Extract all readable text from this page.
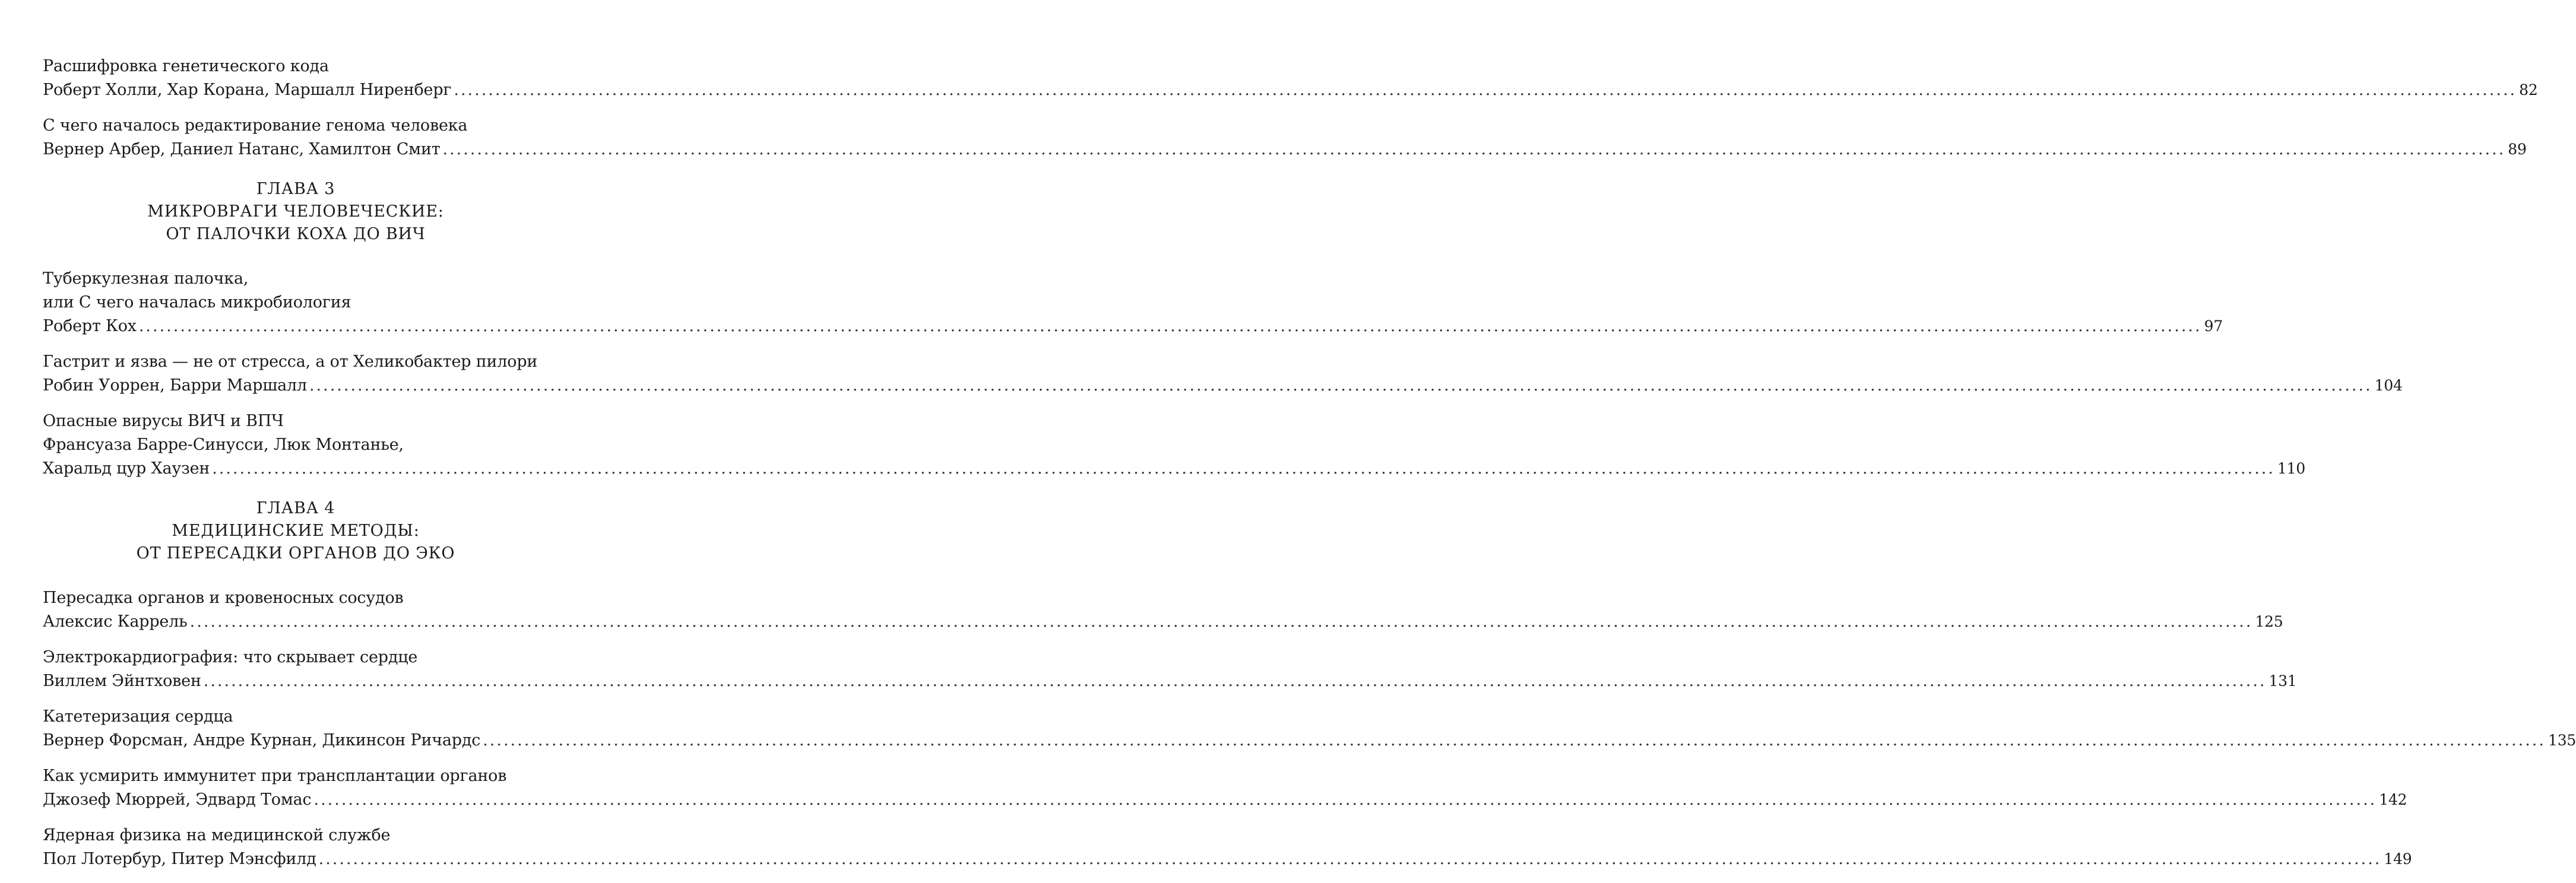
Расшифровка генетического кода
Роберт Холли, Хар Корана, Маршалл Ниренберг ............................................................................................................................................................................................................................................................................................................ 82
С чего началось редактирование генома человека
Вернер Арбер, Даниел Натанс, Хамилтон Смит ............................................................................................................................................................................................................................................................................................................ 89
ГЛАВА 3
МИКРОВРАГИ ЧЕЛОВЕЧЕСКИЕ:
ОТ ПАЛОЧКИ КОХА ДО ВИЧ
Туберкулезная палочка,
или С чего началась микробиология
Роберт Кох ............................................................................................................................................................................................................................................................................................................ 97
Гастрит и язва — не от стресса, а от Хеликобактер пилори
Робин Уоррен, Барри Маршалл ............................................................................................................................................................................................................................................................................................................ 104
Опасные вирусы ВИЧ и ВПЧ
Франсуаза Барре-Синусси, Люк Монтанье,
Харальд цур Хаузен ............................................................................................................................................................................................................................................................................................................ 110
ГЛАВА 4
МЕДИЦИНСКИЕ МЕТОДЫ:
ОТ ПЕРЕСАДКИ ОРГАНОВ ДО ЭКО
Пересадка органов и кровеносных сосудов
Алексис Каррель ............................................................................................................................................................................................................................................................................................................ 125
Электрокардиография: что скрывает сердце
Виллем Эйнтховен ............................................................................................................................................................................................................................................................................................................ 131
Катетеризация сердца
Вернер Форсман, Андре Курнан, Дикинсон Ричардс ............................................................................................................................................................................................................................................................................................................ 135
Как усмирить иммунитет при трансплантации органов
Джозеф Мюррей, Эдвард Томас ............................................................................................................................................................................................................................................................................................................ 142
Ядерная физика на медицинской службе
Пол Лотербур, Питер Мэнсфилд ............................................................................................................................................................................................................................................................................................................ 149
